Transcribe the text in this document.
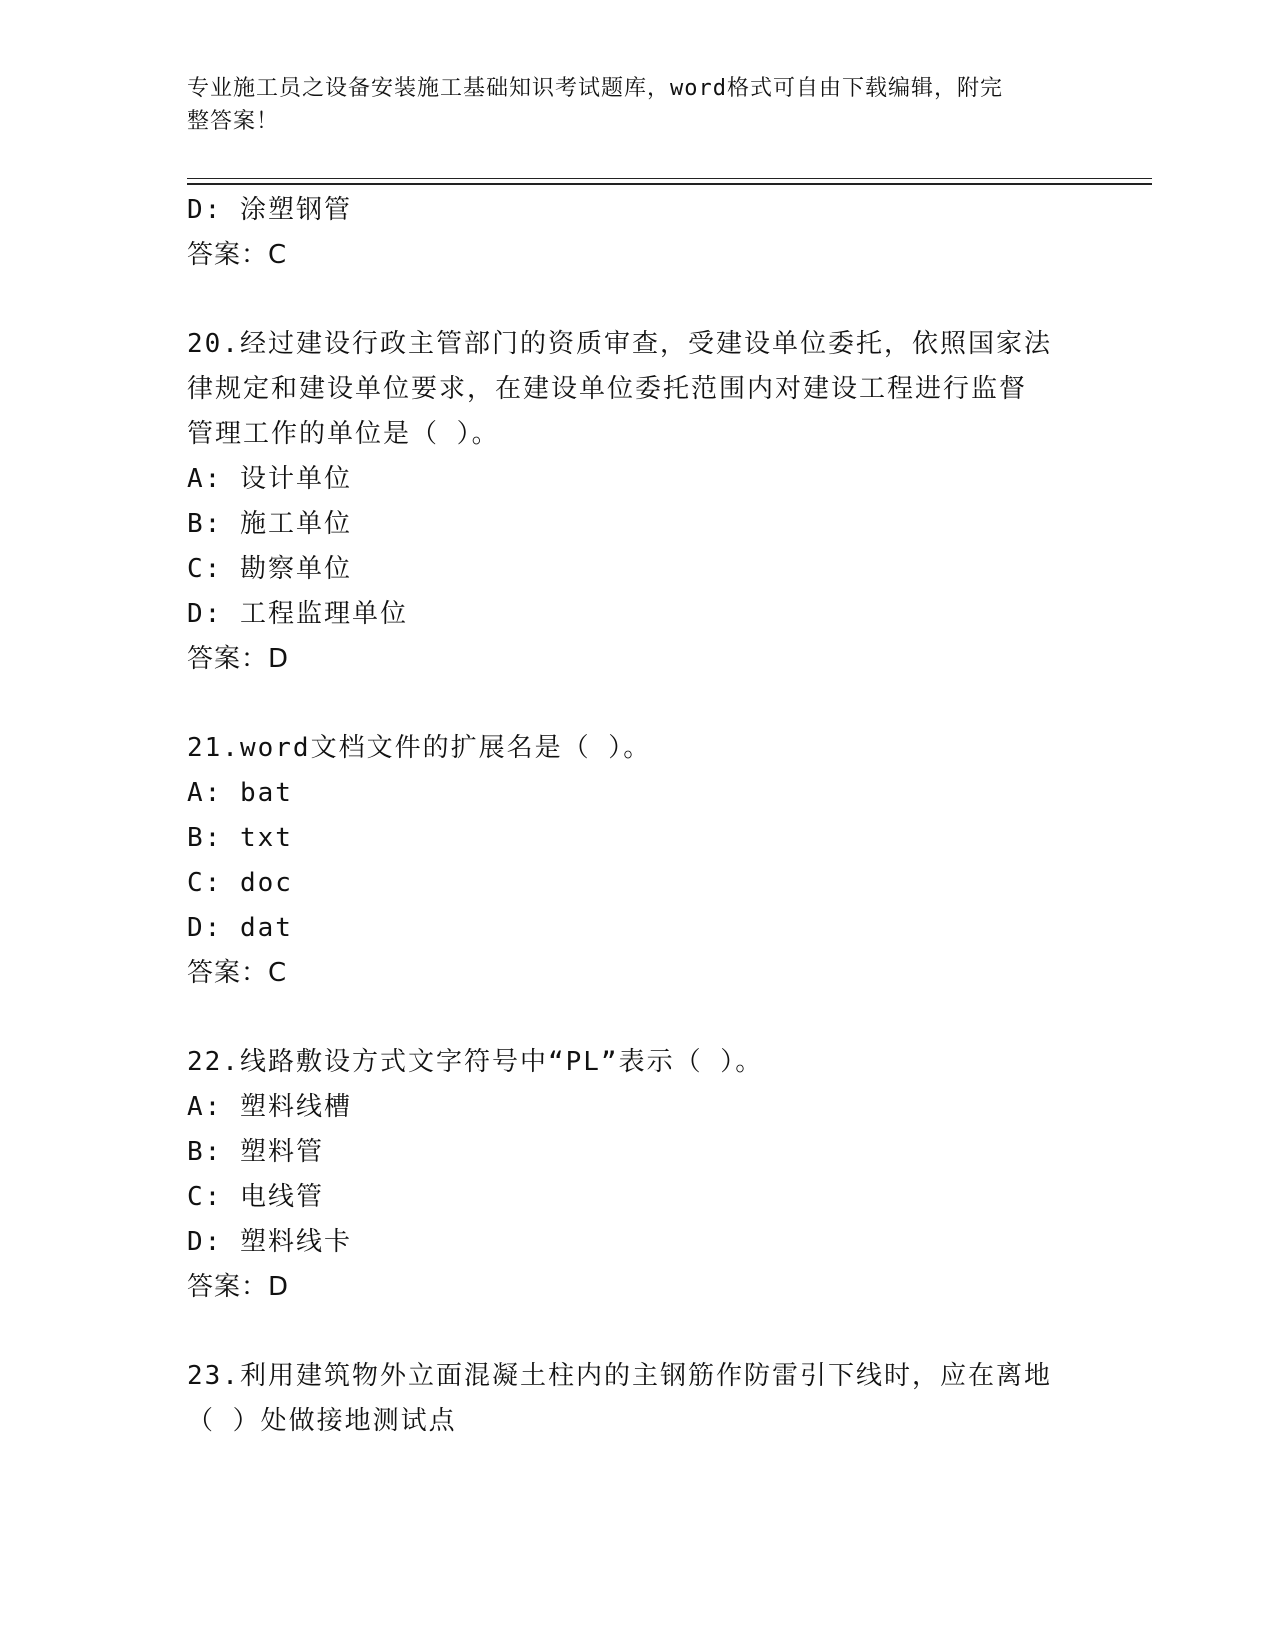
专业施工员之设备安装施工基础知识考试题库，word格式可自由下载编辑，附完
整答案！
D: 涂塑钢管
答案：C
20.经过建设行政主管部门的资质审查，受建设单位委托，依照国家法
律规定和建设单位要求，在建设单位委托范围内对建设工程进行监督
管理工作的单位是（ ）。
A: 设计单位
B: 施工单位
C: 勘察单位
D: 工程监理单位
答案：D
21.word文档文件的扩展名是（ ）。
A: bat
B: txt
C: doc
D: dat
答案：C
22.线路敷设方式文字符号中“PL”表示（ ）。
A: 塑料线槽
B: 塑料管
C: 电线管
D: 塑料线卡
答案：D
23.利用建筑物外立面混凝土柱内的主钢筋作防雷引下线时，应在离地
（ ）处做接地测试点
